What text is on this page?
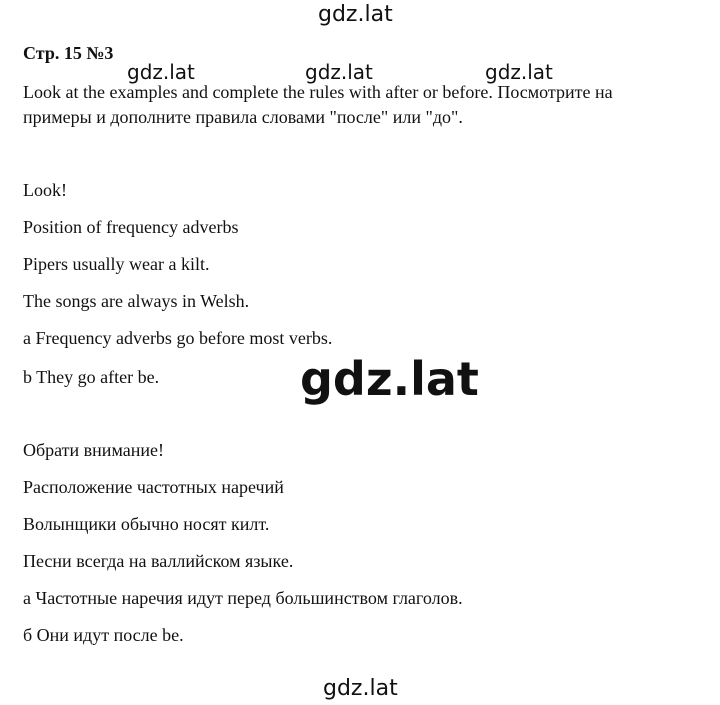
gdz.lat
Стр. 15 №3
Look at the examples and complete the rules with after or before. Посмотрите на
примеры и дополните правила словами "после" или "до".
gdz.lat	gdz.lat	gdz.lat
Look!
Position of frequency adverbs
Pipers usually wear a kilt.
The songs are always in Welsh.
a Frequency adverbs go before most verbs.
b They go after be.	gdz.lat
Обрати внимание!
Расположение частотных наречий
Волынщики обычно носят килт.
Песни всегда на валлийском языке.
а Частотные наречия идут перед большинством глаголов.
б Они идут после be.
gdz.lat
